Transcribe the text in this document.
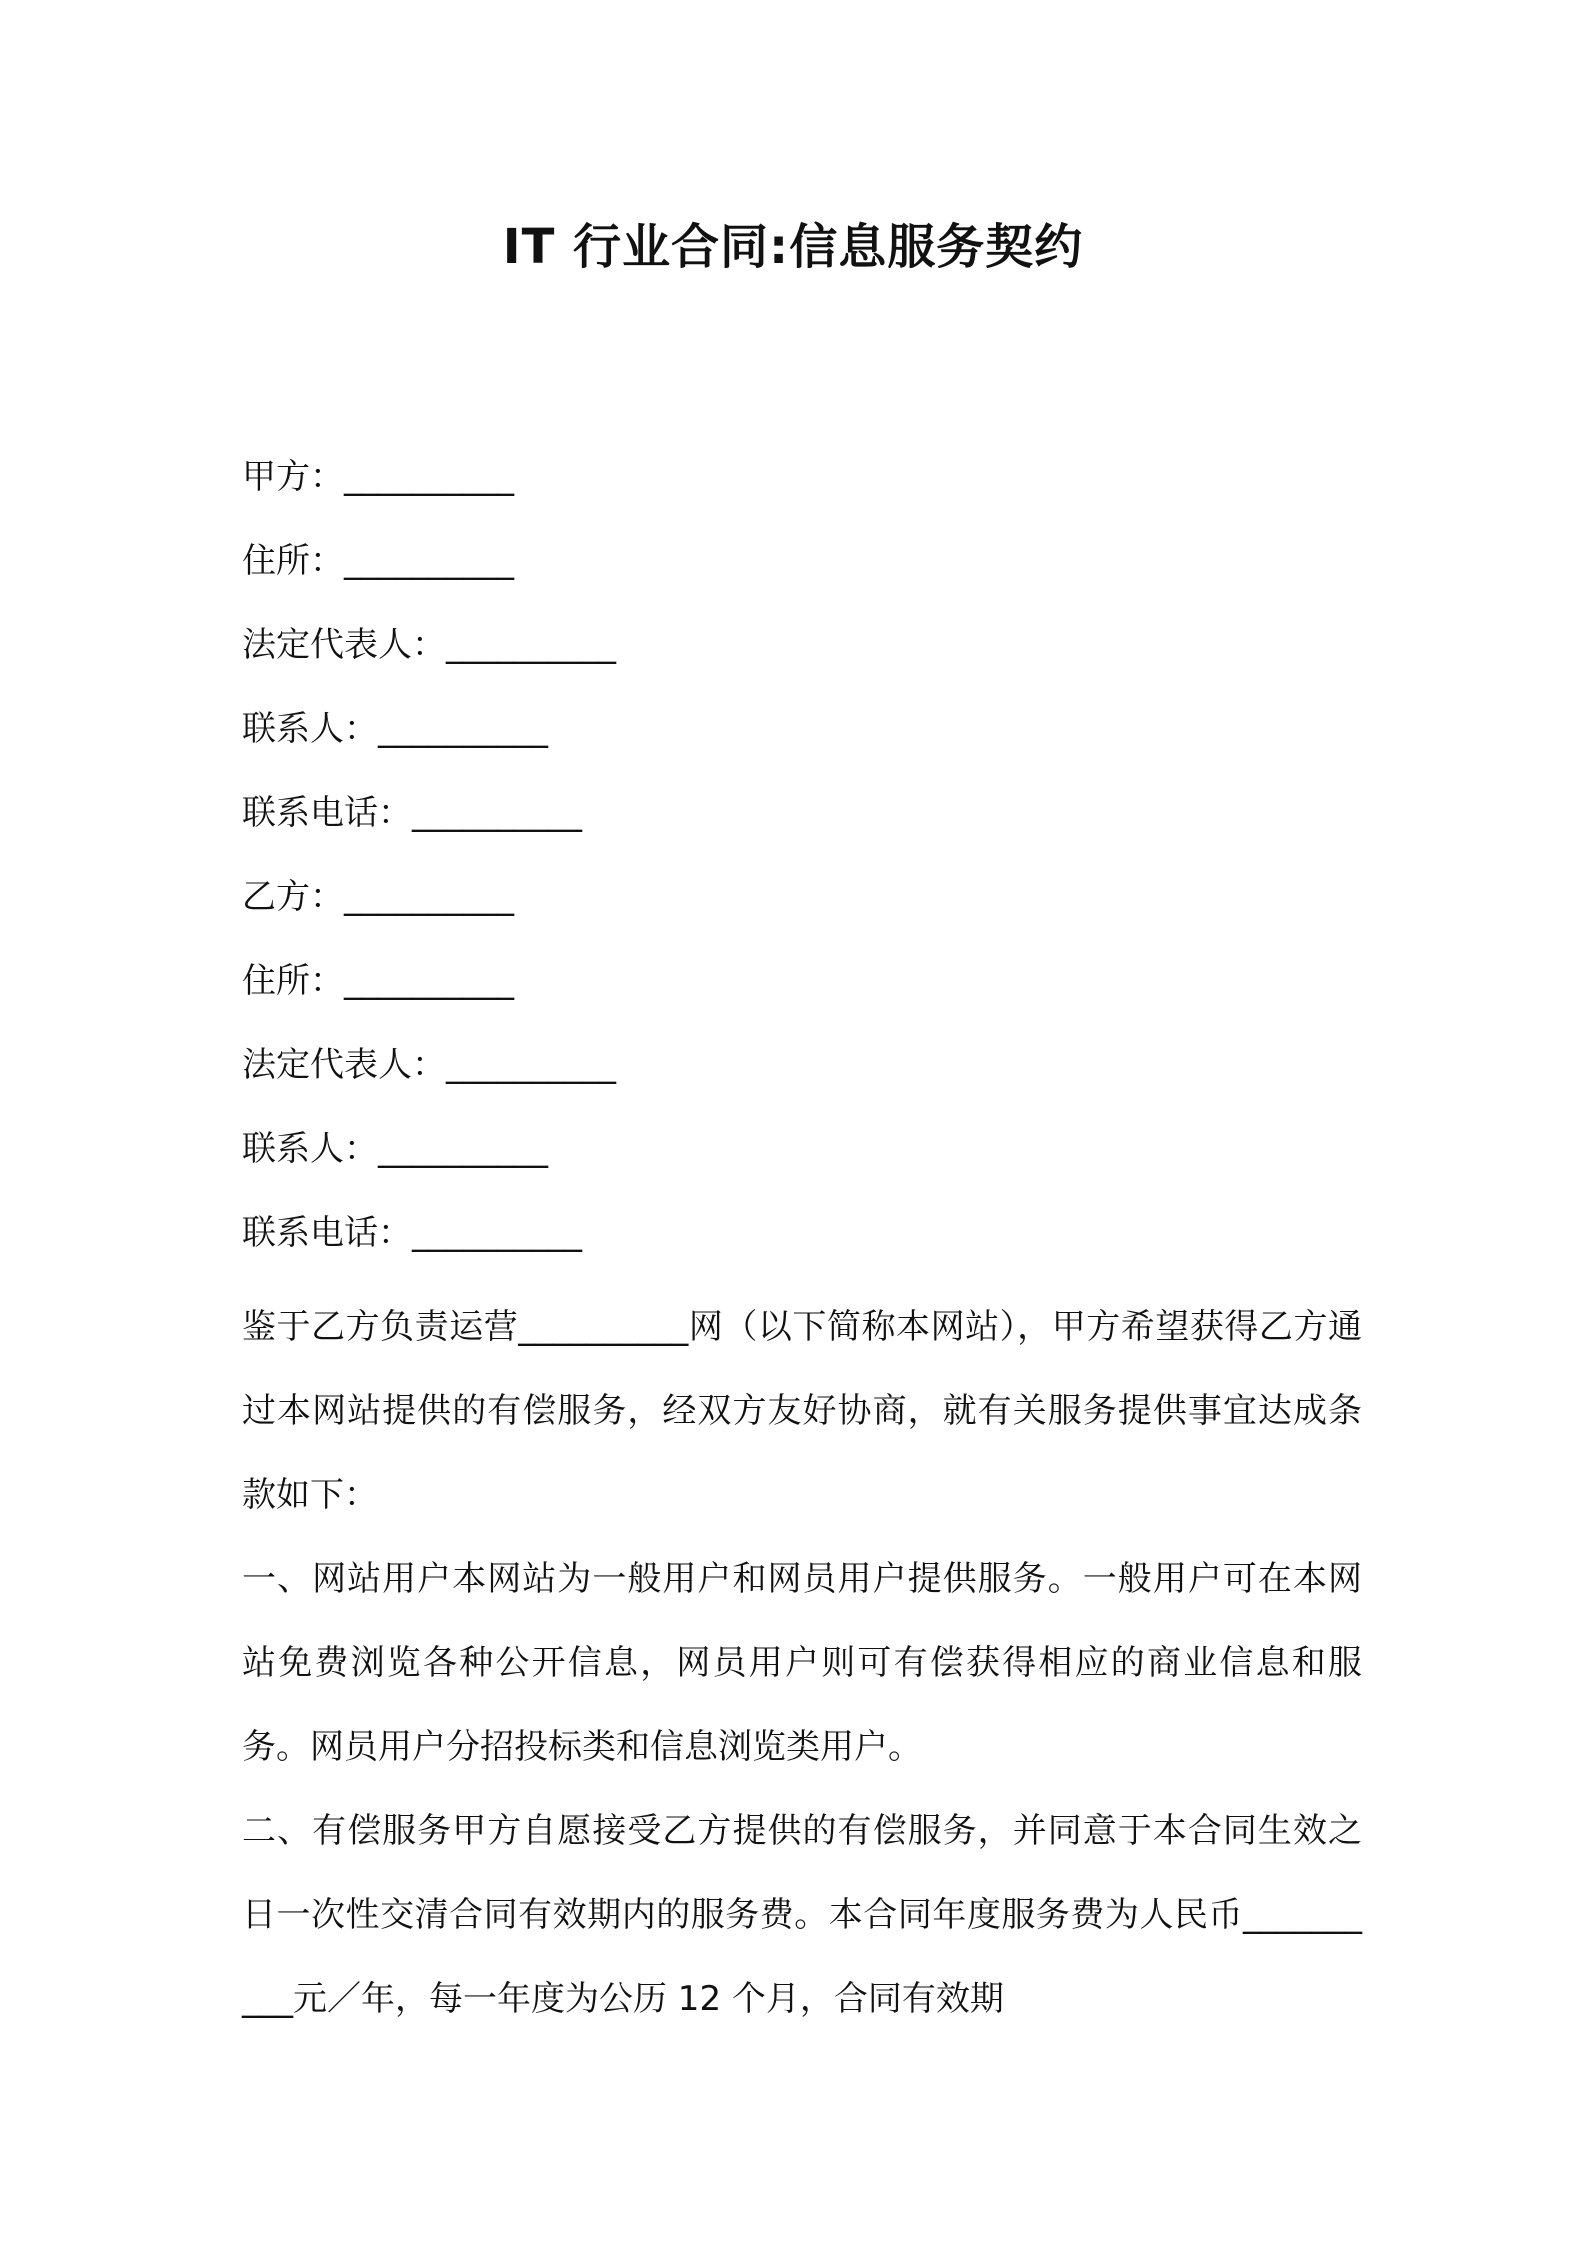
IT 行业合同:信息服务契约
甲方：__________
住所：__________
法定代表人：__________
联系人：__________
联系电话：__________
乙方：__________
住所：__________
法定代表人：__________
联系人：__________
联系电话：__________

鉴于乙方负责运营__________网（以下简称本网站），甲方希望获得乙方通过本网站提供的有偿服务，经双方友好协商，就有关服务提供事宜达成条款如下：

一、网站用户本网站为一般用户和网员用户提供服务。一般用户可在本网站免费浏览各种公开信息，网员用户则可有偿获得相应的商业信息和服务。网员用户分招投标类和信息浏览类用户。

二、有偿服务甲方自愿接受乙方提供的有偿服务，并同意于本合同生效之日一次性交清合同有效期内的服务费。本合同年度服务费为人民币__________元／年，每一年度为公历 12 个月，合同有效期
